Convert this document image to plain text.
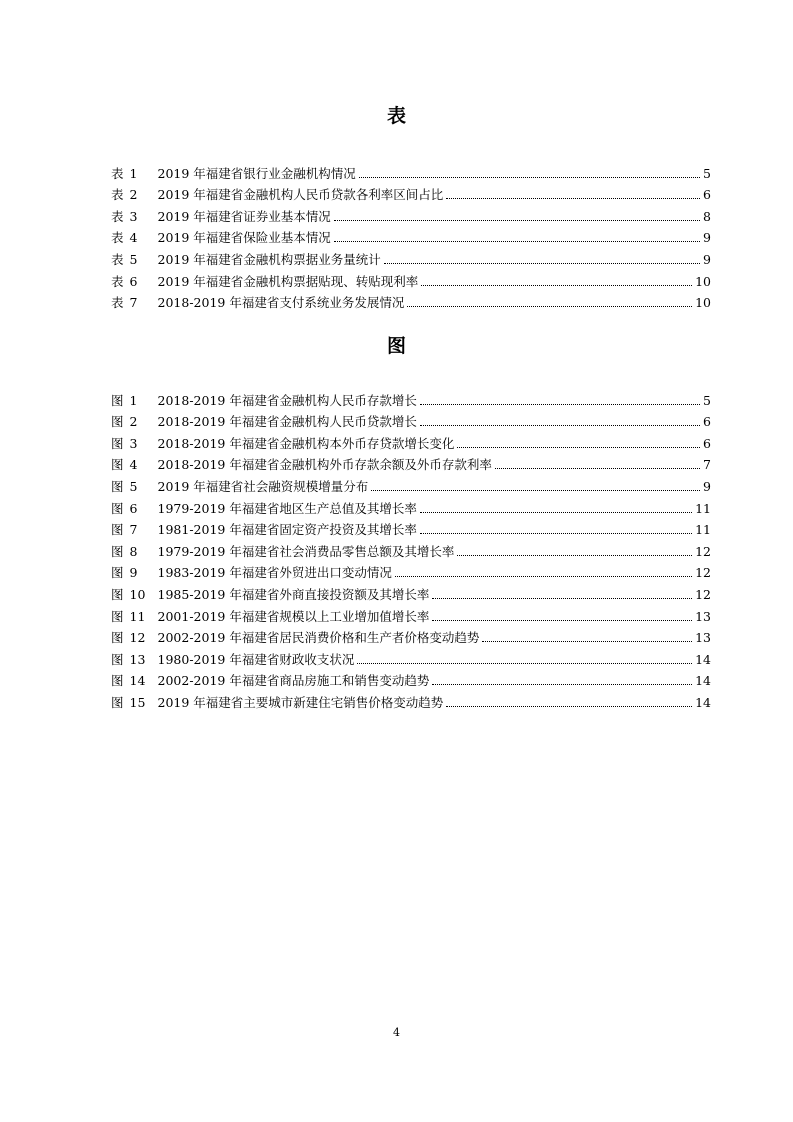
表
表 1	2019 年福建省银行业金融机构情况	5
表 2	2019 年福建省金融机构人民币贷款各利率区间占比	6
表 3	2019 年福建省证券业基本情况	8
表 4	2019 年福建省保险业基本情况	9
表 5	2019 年福建省金融机构票据业务量统计	9
表 6	2019 年福建省金融机构票据贴现、转贴现利率	10
表 7	2018-2019 年福建省支付系统业务发展情况	10
图
图 1	2018-2019 年福建省金融机构人民币存款增长	5
图 2	2018-2019 年福建省金融机构人民币贷款增长	6
图 3	2018-2019 年福建省金融机构本外币存贷款增长变化	6
图 4	2018-2019 年福建省金融机构外币存款余额及外币存款利率	7
图 5	2019 年福建省社会融资规模增量分布	9
图 6	1979-2019 年福建省地区生产总值及其增长率	11
图 7	1981-2019 年福建省固定资产投资及其增长率	11
图 8	1979-2019 年福建省社会消费品零售总额及其增长率	12
图 9	1983-2019 年福建省外贸进出口变动情况	12
图 10 1985-2019 年福建省外商直接投资额及其增长率	12
图 11 2001-2019 年福建省规模以上工业增加值增长率	13
图 12 2002-2019 年福建省居民消费价格和生产者价格变动趋势	13
图 13 1980-2019 年福建省财政收支状况	14
图 14 2002-2019 年福建省商品房施工和销售变动趋势	14
图 15 2019 年福建省主要城市新建住宅销售价格变动趋势	14
4
